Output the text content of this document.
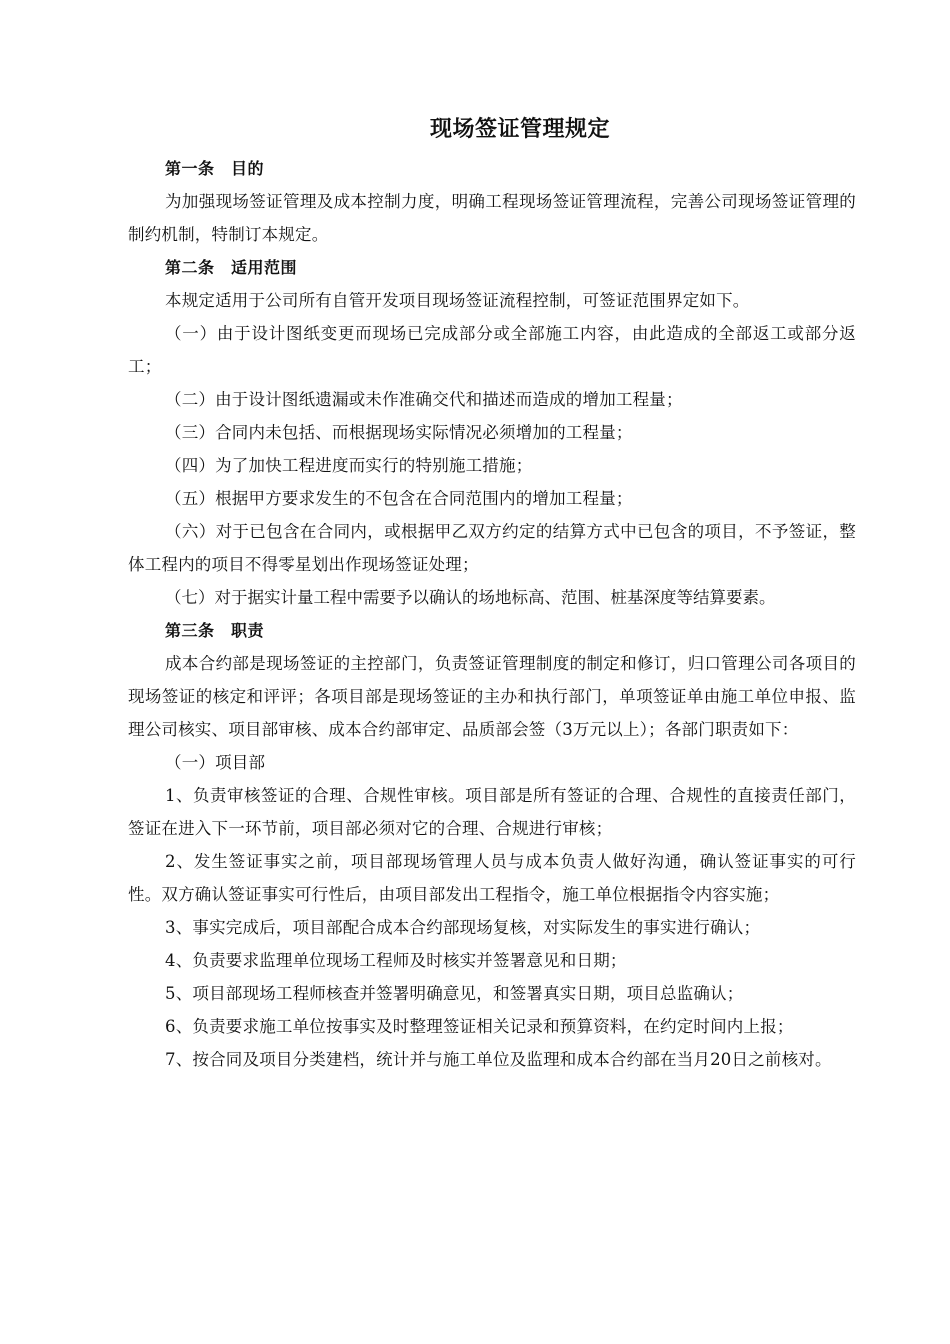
现场签证管理规定

第一条　目的

为加强现场签证管理及成本控制力度，明确工程现场签证管理流程，完善公司现场签证管理的制约机制，特制订本规定。

第二条　适用范围

本规定适用于公司所有自管开发项目现场签证流程控制，可签证范围界定如下。

（一）由于设计图纸变更而现场已完成部分或全部施工内容，由此造成的全部返工或部分返工；

（二）由于设计图纸遗漏或未作准确交代和描述而造成的增加工程量；

（三）合同内未包括、而根据现场实际情况必须增加的工程量；

（四）为了加快工程进度而实行的特别施工措施；

（五）根据甲方要求发生的不包含在合同范围内的增加工程量；

（六）对于已包含在合同内，或根据甲乙双方约定的结算方式中已包含的项目，不予签证，整体工程内的项目不得零星划出作现场签证处理；

（七）对于据实计量工程中需要予以确认的场地标高、范围、桩基深度等结算要素。

第三条　职责

成本合约部是现场签证的主控部门，负责签证管理制度的制定和修订，归口管理公司各项目的现场签证的核定和评评；各项目部是现场签证的主办和执行部门，单项签证单由施工单位申报、监理公司核实、项目部审核、成本合约部审定、品质部会签（3万元以上）；各部门职责如下：

（一）项目部

1、负责审核签证的合理、合规性审核。项目部是所有签证的合理、合规性的直接责任部门，签证在进入下一环节前，项目部必须对它的合理、合规进行审核；

2、发生签证事实之前，项目部现场管理人员与成本负责人做好沟通，确认签证事实的可行性。双方确认签证事实可行性后，由项目部发出工程指令，施工单位根据指令内容实施；

3、事实完成后，项目部配合成本合约部现场复核，对实际发生的事实进行确认；

4、负责要求监理单位现场工程师及时核实并签署意见和日期；

5、项目部现场工程师核查并签署明确意见，和签署真实日期，项目总监确认；

6、负责要求施工单位按事实及时整理签证相关记录和预算资料，在约定时间内上报；

7、按合同及项目分类建档，统计并与施工单位及监理和成本合约部在当月20日之前核对。
